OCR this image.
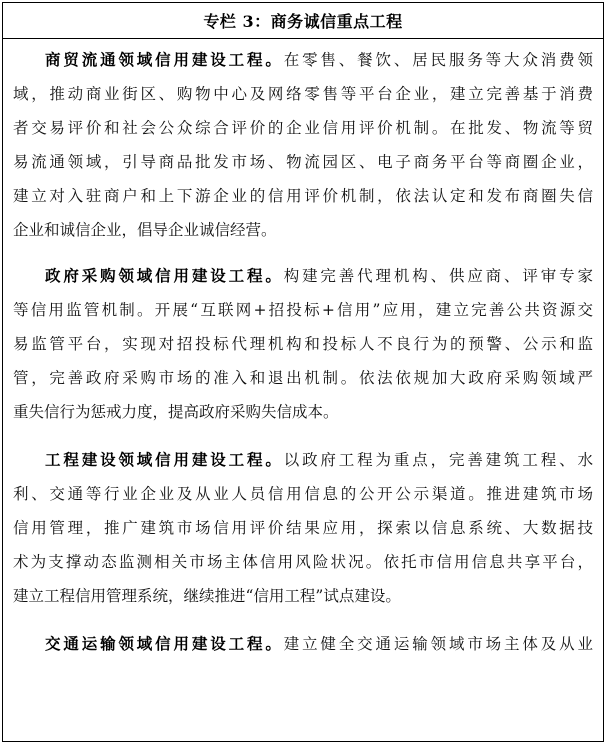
专栏 3：商务诚信重点工程
商贸流通领域信用建设工程。在零售、餐饮、居民服务等大众消费领
域，推动商业街区、购物中心及网络零售等平台企业，建立完善基于消费
者交易评价和社会公众综合评价的企业信用评价机制。在批发、物流等贸
易流通领域，引导商品批发市场、物流园区、电子商务平台等商圈企业，
建立对入驻商户和上下游企业的信用评价机制，依法认定和发布商圈失信
企业和诚信企业，倡导企业诚信经营。
政府采购领域信用建设工程。构建完善代理机构、供应商、评审专家
等信用监管机制。开展“互联网+招投标+信用”应用，建立完善公共资源交
易监管平台，实现对招投标代理机构和投标人不良行为的预警、公示和监
管，完善政府采购市场的准入和退出机制。依法依规加大政府采购领域严
重失信行为惩戒力度，提高政府采购失信成本。
工程建设领域信用建设工程。以政府工程为重点，完善建筑工程、水
利、交通等行业企业及从业人员信用信息的公开公示渠道。推进建筑市场
信用管理，推广建筑市场信用评价结果应用，探索以信息系统、大数据技
术为支撑动态监测相关市场主体信用风险状况。依托市信用信息共享平台，
建立工程信用管理系统，继续推进“信用工程”试点建设。
交通运输领域信用建设工程。建立健全交通运输领域市场主体及从业
